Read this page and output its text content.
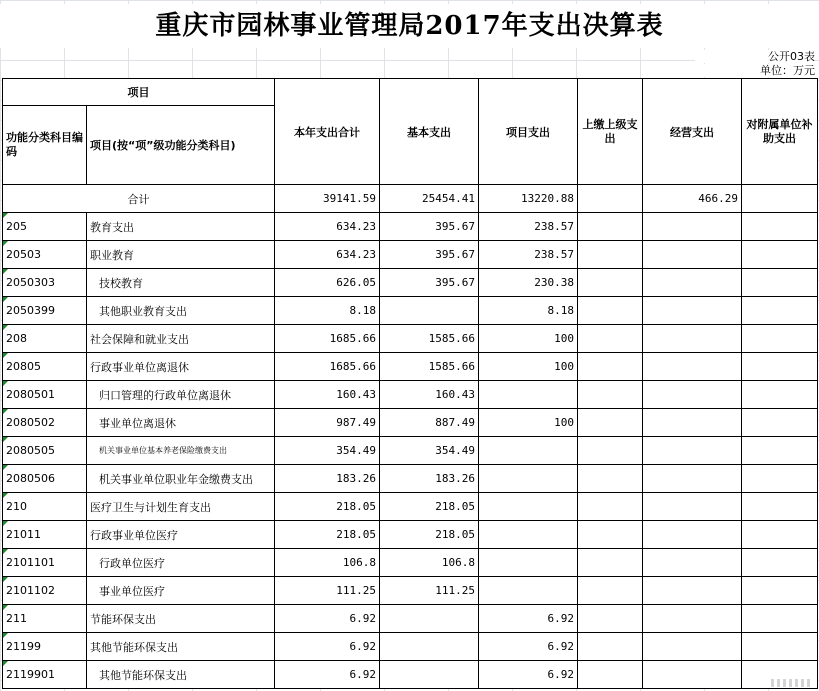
重庆市园林事业管理局2017年支出决算表
公开03表
单位：万元
项目		本年支出合计	基本支出	项目支出	上缴上级支出	经营支出	对附属单位补助支出
功能分类科目编码	项目(按“项”级功能分类科目)						
合计		39141.59	25454.41	13220.88		466.29	
205	教育支出	634.23	395.67	238.57			
20503	职业教育	634.23	395.67	238.57			
2050303	技校教育	626.05	395.67	230.38			
2050399	其他职业教育支出	8.18		8.18			
208	社会保障和就业支出	1685.66	1585.66	100			
20805	行政事业单位离退休	1685.66	1585.66	100			
2080501	归口管理的行政单位离退休	160.43	160.43				
2080502	事业单位离退休	987.49	887.49	100			
2080505	机关事业单位基本养老保险缴费支出	354.49	354.49				
2080506	机关事业单位职业年金缴费支出	183.26	183.26				
210	医疗卫生与计划生育支出	218.05	218.05				
21011	行政事业单位医疗	218.05	218.05				
2101101	行政单位医疗	106.8	106.8				
2101102	事业单位医疗	111.25	111.25				
211	节能环保支出	6.92		6.92			
21199	其他节能环保支出	6.92		6.92			
2119901	其他节能环保支出	6.92		6.92			
